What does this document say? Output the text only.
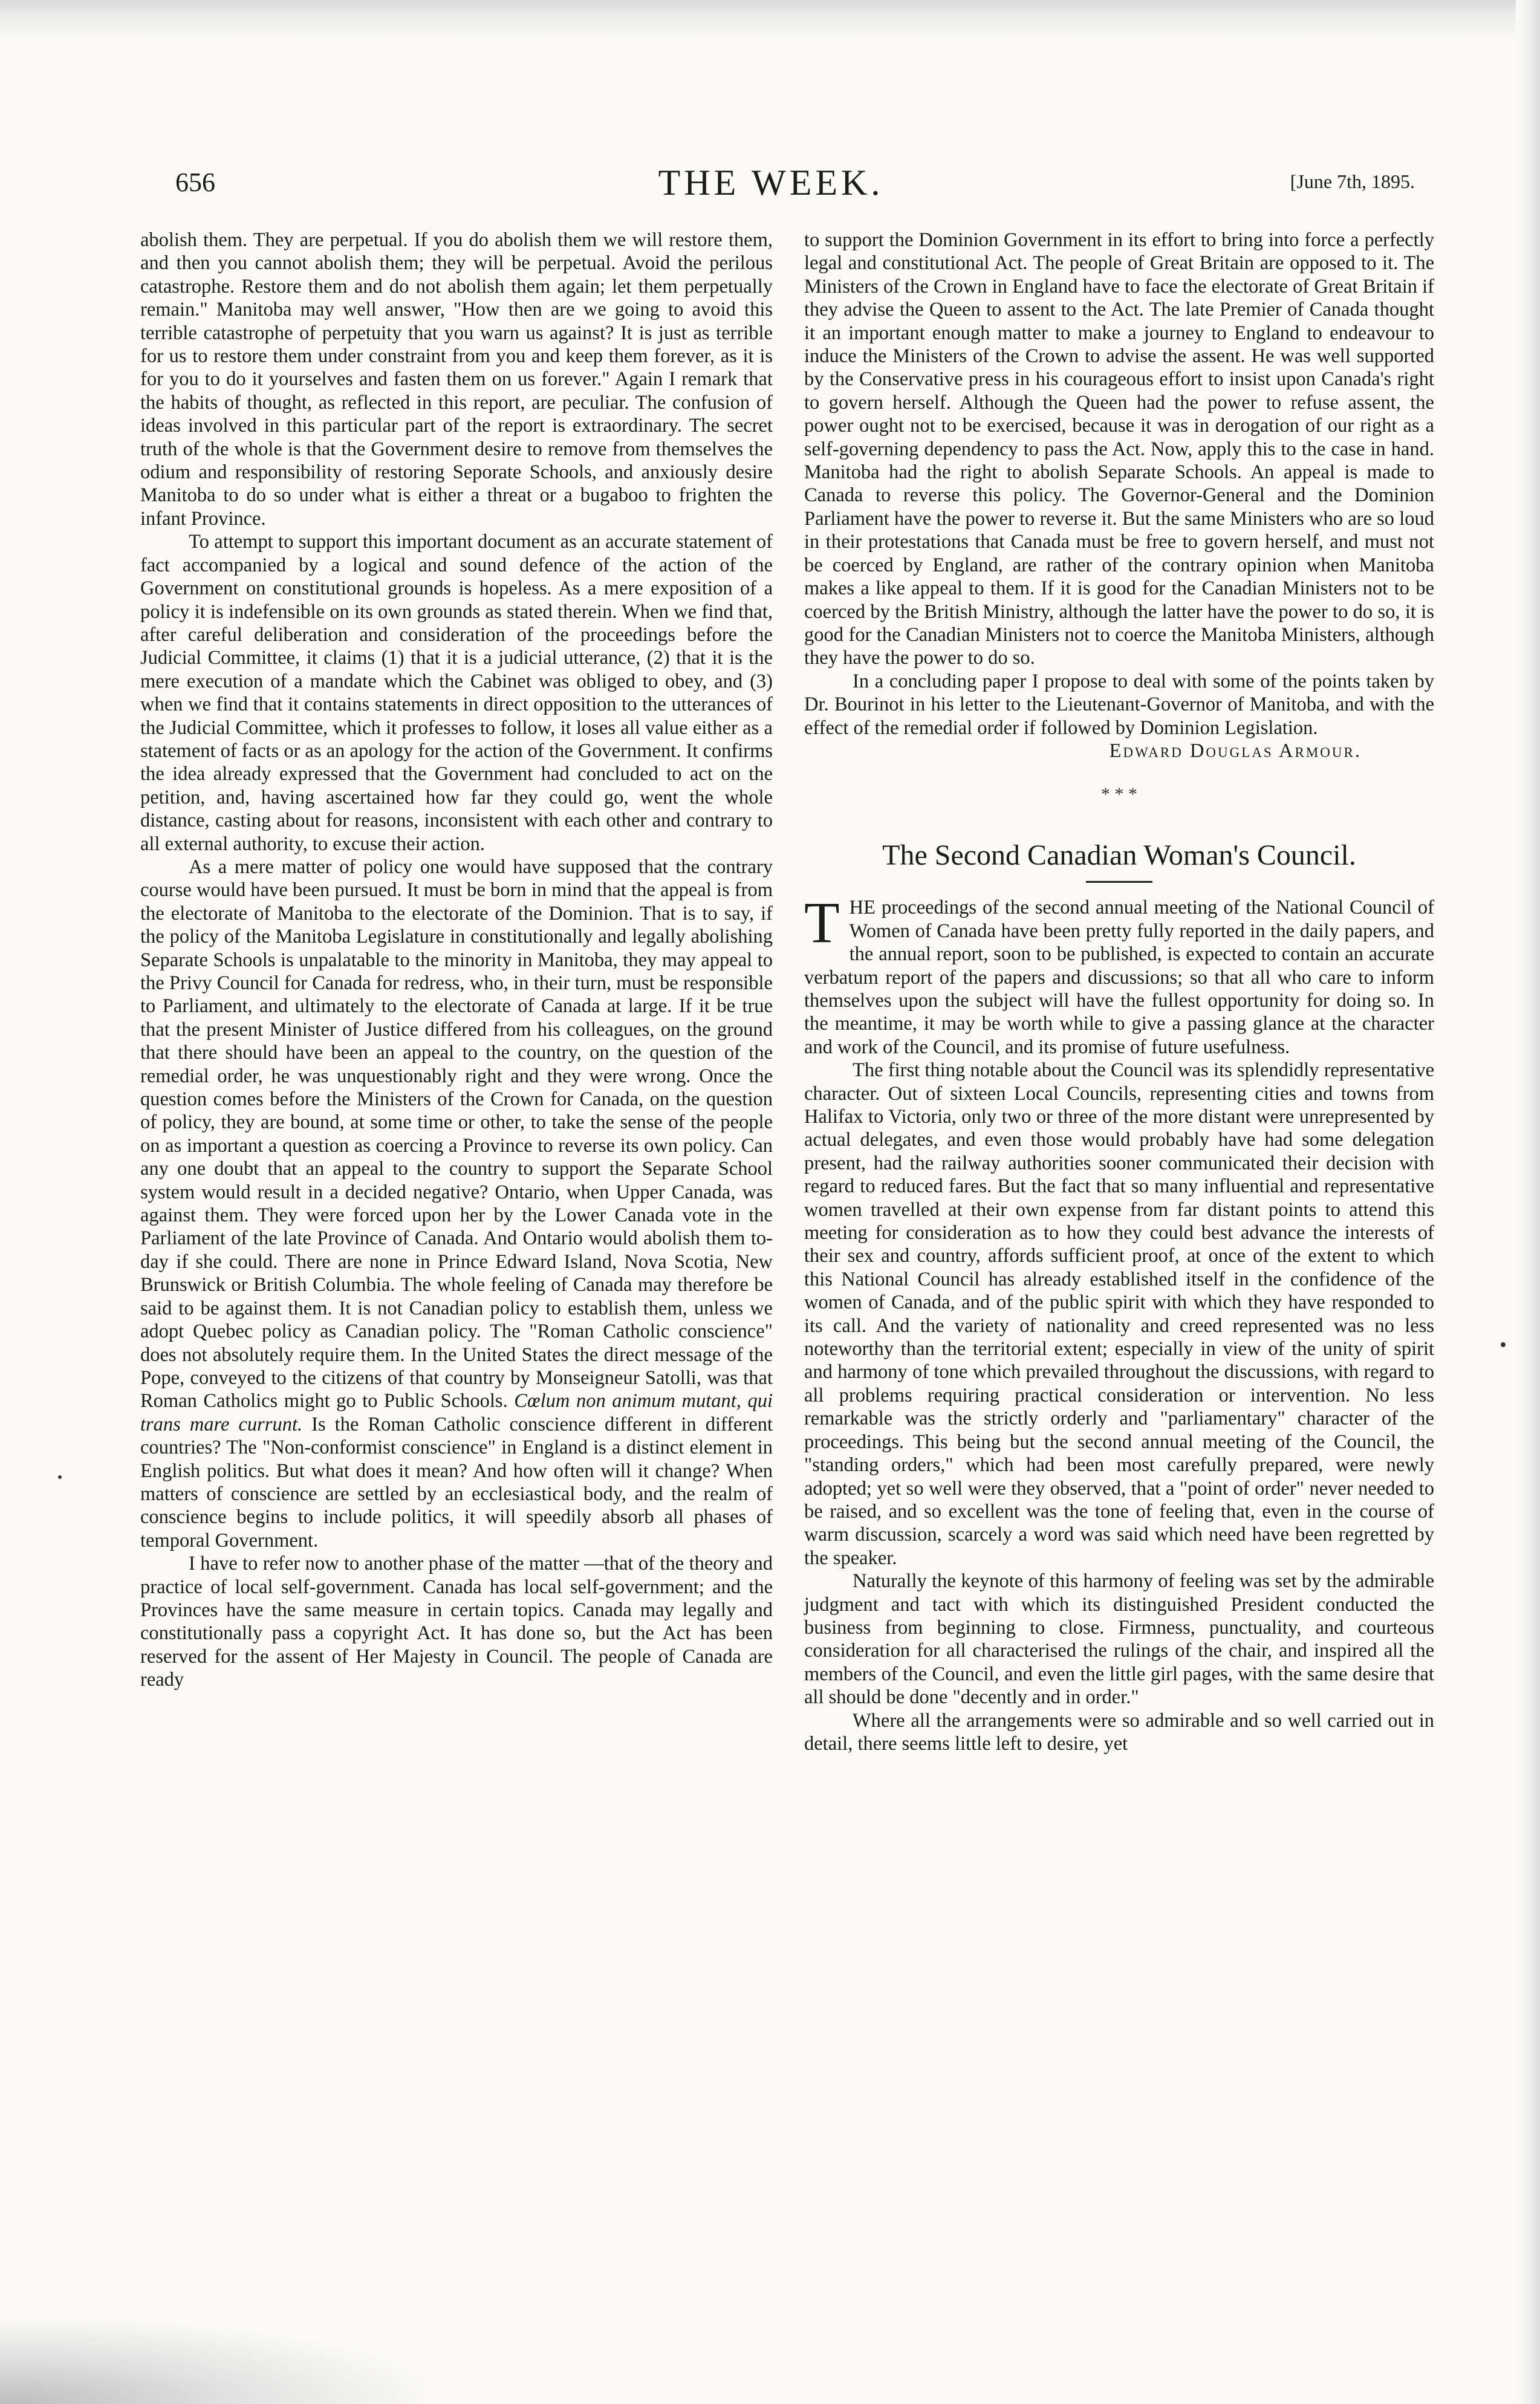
656	THE WEEK.	[June 7th, 1895.

abolish them. They are perpetual. If you do abolish them we will restore them, and then you cannot abolish them; they will be perpetual. Avoid the perilous catastrophe. Restore them and do not abolish them again; let them perpetually remain." Manitoba may well answer, "How then are we going to avoid this terrible catastrophe of perpetuity that you warn us against? It is just as terrible for us to restore them under constraint from you and keep them forever, as it is for you to do it yourselves and fasten them on us forever." Again I remark that the habits of thought, as reflected in this report, are peculiar. The confusion of ideas involved in this particular part of the report is extraordinary. The secret truth of the whole is that the Government desire to remove from themselves the odium and responsibility of restoring Seporate Schools, and anxiously desire Manitoba to do so under what is either a threat or a bugaboo to frighten the infant Province.

To attempt to support this important document as an accurate statement of fact accompanied by a logical and sound defence of the action of the Government on constitutional grounds is hopeless. As a mere exposition of a policy it is indefensible on its own grounds as stated therein. When we find that, after careful deliberation and consideration of the proceedings before the Judicial Committee, it claims (1) that it is a judicial utterance, (2) that it is the mere execution of a mandate which the Cabinet was obliged to obey, and (3) when we find that it contains statements in direct opposition to the utterances of the Judicial Committee, which it professes to follow, it loses all value either as a statement of facts or as an apology for the action of the Government. It confirms the idea already expressed that the Government had concluded to act on the petition, and, having ascertained how far they could go, went the whole distance, casting about for reasons, inconsistent with each other and contrary to all external authority, to excuse their action.

As a mere matter of policy one would have supposed that the contrary course would have been pursued. It must be born in mind that the appeal is from the electorate of Manitoba to the electorate of the Dominion. That is to say, if the policy of the Manitoba Legislature in constitutionally and legally abolishing Separate Schools is unpalatable to the minority in Manitoba, they may appeal to the Privy Council for Canada for redress, who, in their turn, must be responsible to Parliament, and ultimately to the electorate of Canada at large. If it be true that the present Minister of Justice differed from his colleagues, on the ground that there should have been an appeal to the country, on the question of the remedial order, he was unquestionably right and they were wrong. Once the question comes before the Ministers of the Crown for Canada, on the question of policy, they are bound, at some time or other, to take the sense of the people on as important a question as coercing a Province to reverse its own policy. Can any one doubt that an appeal to the country to support the Separate School system would result in a decided negative? Ontario, when Upper Canada, was against them. They were forced upon her by the Lower Canada vote in the Parliament of the late Province of Canada. And Ontario would abolish them to-day if she could. There are none in Prince Edward Island, Nova Scotia, New Brunswick or British Columbia. The whole feeling of Canada may therefore be said to be against them. It is not Canadian policy to establish them, unless we adopt Quebec policy as Canadian policy. The "Roman Catholic conscience" does not absolutely require them. In the United States the direct message of the Pope, conveyed to the citizens of that country by Monseigneur Satolli, was that Roman Catholics might go to Public Schools. Cœlum non animum mutant, qui trans mare currunt. Is the Roman Catholic conscience different in different countries? The "Non-conformist conscience" in England is a distinct element in English politics. But what does it mean? And how often will it change? When matters of conscience are settled by an ecclesiastical body, and the realm of conscience begins to include politics, it will speedily absorb all phases of temporal Government.

I have to refer now to another phase of the matter —that of the theory and practice of local self-government. Canada has local self-government; and the Provinces have the same measure in certain topics. Canada may legally and constitutionally pass a copyright Act. It has done so, but the Act has been reserved for the assent of Her Majesty in Council. The people of Canada are ready

to support the Dominion Government in its effort to bring into force a perfectly legal and constitutional Act. The people of Great Britain are opposed to it. The Ministers of the Crown in England have to face the electorate of Great Britain if they advise the Queen to assent to the Act. The late Premier of Canada thought it an important enough matter to make a journey to England to endeavour to induce the Ministers of the Crown to advise the assent. He was well supported by the Conservative press in his courageous effort to insist upon Canada's right to govern herself. Although the Queen had the power to refuse assent, the power ought not to be exercised, because it was in derogation of our right as a self-governing dependency to pass the Act. Now, apply this to the case in hand. Manitoba had the right to abolish Separate Schools. An appeal is made to Canada to reverse this policy. The Governor-General and the Dominion Parliament have the power to reverse it. But the same Ministers who are so loud in their protestations that Canada must be free to govern herself, and must not be coerced by England, are rather of the contrary opinion when Manitoba makes a like appeal to them. If it is good for the Canadian Ministers not to be coerced by the British Ministry, although the latter have the power to do so, it is good for the Canadian Ministers not to coerce the Manitoba Ministers, although they have the power to do so.

In a concluding paper I propose to deal with some of the points taken by Dr. Bourinot in his letter to the Lieutenant-Governor of Manitoba, and with the effect of the remedial order if followed by Dominion Legislation.

Edward Douglas Armour.

* * *
The Second Canadian Woman's Council.

THE proceedings of the second annual meeting of the National Council of Women of Canada have been pretty fully reported in the daily papers, and the annual report, soon to be published, is expected to contain an accurate verbatum report of the papers and discussions; so that all who care to inform themselves upon the subject will have the fullest opportunity for doing so. In the meantime, it may be worth while to give a passing glance at the character and work of the Council, and its promise of future usefulness.

The first thing notable about the Council was its splendidly representative character. Out of sixteen Local Councils, representing cities and towns from Halifax to Victoria, only two or three of the more distant were unrepresented by actual delegates, and even those would probably have had some delegation present, had the railway authorities sooner communicated their decision with regard to reduced fares. But the fact that so many influential and representative women travelled at their own expense from far distant points to attend this meeting for consideration as to how they could best advance the interests of their sex and country, affords sufficient proof, at once of the extent to which this National Council has already established itself in the confidence of the women of Canada, and of the public spirit with which they have responded to its call. And the variety of nationality and creed represented was no less noteworthy than the territorial extent; especially in view of the unity of spirit and harmony of tone which prevailed throughout the discussions, with regard to all problems requiring practical consideration or intervention. No less remarkable was the strictly orderly and "parliamentary" character of the proceedings. This being but the second annual meeting of the Council, the "standing orders," which had been most carefully prepared, were newly adopted; yet so well were they observed, that a "point of order" never needed to be raised, and so excellent was the tone of feeling that, even in the course of warm discussion, scarcely a word was said which need have been regretted by the speaker.

Naturally the keynote of this harmony of feeling was set by the admirable judgment and tact with which its distinguished President conducted the business from beginning to close. Firmness, punctuality, and courteous consideration for all characterised the rulings of the chair, and inspired all the members of the Council, and even the little girl pages, with the same desire that all should be done "decently and in order."

Where all the arrangements were so admirable and so well carried out in detail, there seems little left to desire, yet
